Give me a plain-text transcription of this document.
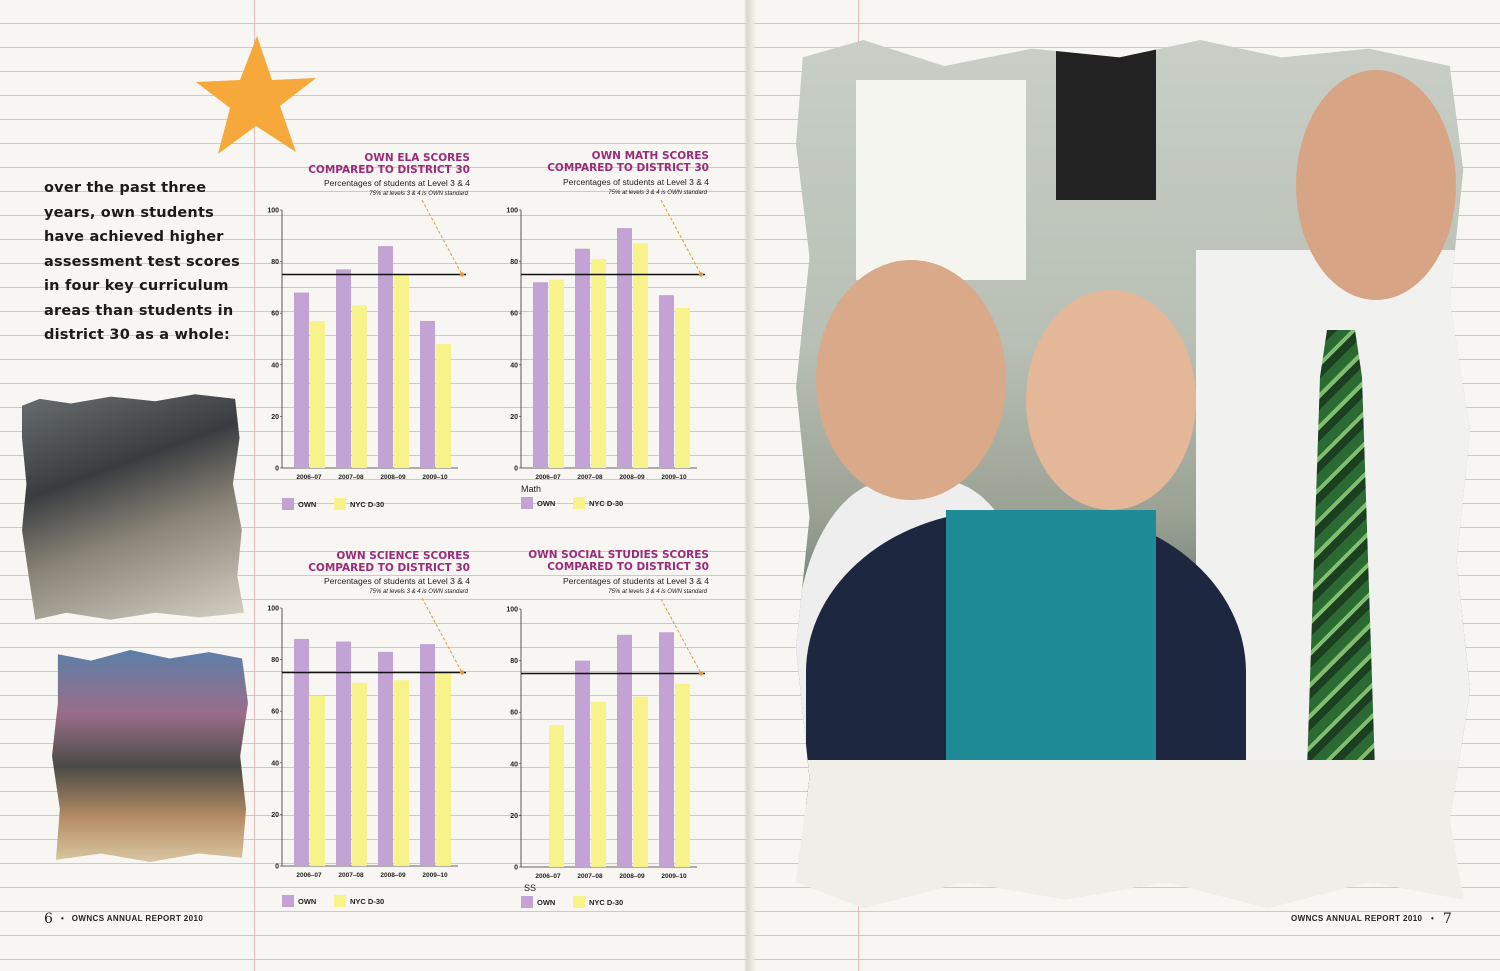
over the past three years, own students have achieved higher assessment test scores in four key curriculum areas than students in district 30 as a whole:
OWN ELA SCORES
COMPARED TO DISTRICT 30
Percentages of students at Level 3 & 4
75% at levels 3 & 4 is OWN standard
100
80
60
40
20
0
2006–07	2007–08	2008–09	2009–10
OWN	NYC D-30
OWN MATH SCORES
COMPARED TO DISTRICT 30
Percentages of students at Level 3 & 4
75% at levels 3 & 4 is OWN standard
100
80
60
40
20
0
2006–07	2007–08	2008–09	2009–10
Math
OWN	NYC D-30
OWN SCIENCE SCORES
COMPARED TO DISTRICT 30
Percentages of students at Level 3 & 4
75% at levels 3 & 4 is OWN standard
100
80
60
40
20
0
2006–07	2007–08	2008–09	2009–10
OWN	NYC D-30
OWN SOCIAL STUDIES SCORES
COMPARED TO DISTRICT 30
Percentages of students at Level 3 & 4
75% at levels 3 & 4 is OWN standard
100
80
60
40
20
0
2006–07	2007–08	2008–09	2009–10
SS
OWN	NYC D-30
6 • OWNCS ANNUAL REPORT 2010	OWNCS ANNUAL REPORT 2010 • 7
